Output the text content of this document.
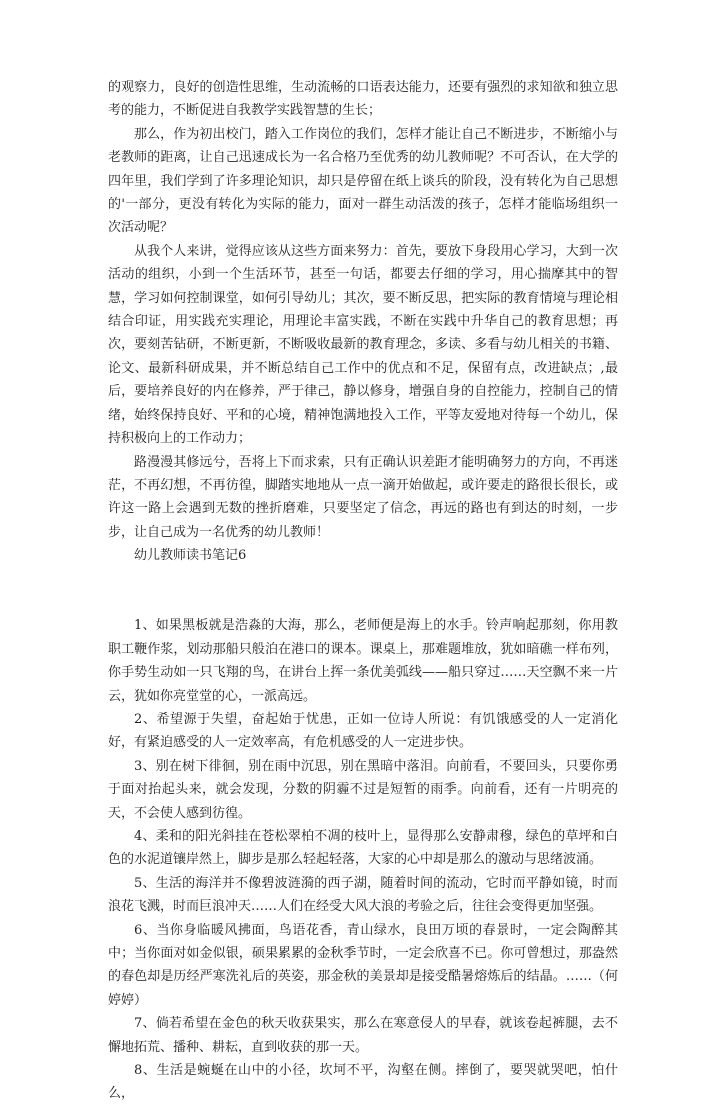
的观察力，良好的创造性思维，生动流畅的口语表达能力，还要有强烈的求知欲和独立思考的能力，不断促进自我教学实践智慧的生长；

那么，作为初出校门，踏入工作岗位的我们，怎样才能让自己不断进步，不断缩小与老教师的距离，让自己迅速成长为一名合格乃至优秀的幼儿教师呢？不可否认，在大学的四年里，我们学到了许多理论知识，却只是停留在纸上谈兵的阶段，没有转化为自己思想的'一部分，更没有转化为实际的能力，面对一群生动活泼的孩子，怎样才能临场组织一次活动呢？

从我个人来讲，觉得应该从这些方面来努力：首先，要放下身段用心学习，大到一次活动的组织，小到一个生活环节，甚至一句话，都要去仔细的学习，用心揣摩其中的智慧，学习如何控制课堂，如何引导幼儿；其次，要不断反思，把实际的教育情境与理论相结合印证，用实践充实理论，用理论丰富实践，不断在实践中升华自己的教育思想；再次，要刻苦钻研，不断更新，不断吸收最新的教育理念，多读、多看与幼儿相关的书籍、论文、最新科研成果，并不断总结自己工作中的优点和不足，保留有点，改进缺点；,最后，要培养良好的内在修养，严于律己，静以修身，增强自身的自控能力，控制自己的情绪，始终保持良好、平和的心境，精神饱满地投入工作，平等友爱地对待每一个幼儿，保持积极向上的工作动力；

路漫漫其修远兮，吾将上下而求索，只有正确认识差距才能明确努力的方向，不再迷茫，不再幻想，不再彷徨，脚踏实地地从一点一滴开始做起，或许要走的路很长很长，或许这一路上会遇到无数的挫折磨难，只要坚定了信念，再远的路也有到达的时刻，一步步，让自己成为一名优秀的幼儿教师！

幼儿教师读书笔记6

1、如果黑板就是浩淼的大海，那么，老师便是海上的水手。铃声响起那刻，你用教职工鞭作浆，划动那船只般泊在港口的课本。课桌上，那难题堆放，犹如暗礁一样布列，你手势生动如一只飞翔的鸟，在讲台上挥一条优美弧线——船只穿过……天空飘不来一片云，犹如你亮堂堂的心，一派高远。

2、希望源于失望，奋起始于忧患，正如一位诗人所说：有饥饿感受的人一定消化好，有紧迫感受的人一定效率高，有危机感受的人一定进步快。

3、别在树下徘徊，别在雨中沉思，别在黑暗中落泪。向前看，不要回头，只要你勇于面对抬起头来，就会发现，分数的阴霾不过是短暂的雨季。向前看，还有一片明亮的天，不会使人感到彷徨。

4、柔和的阳光斜挂在苍松翠柏不凋的枝叶上，显得那么安静肃穆，绿色的草坪和白色的水泥道镶岸然上，脚步是那么轻起轻落，大家的心中却是那么的激动与思绪波涌。

5、生活的海洋并不像碧波涟漪的西子湖，随着时间的流动，它时而平静如镜，时而浪花飞溅，时而巨浪冲天……人们在经受大风大浪的考验之后，往往会变得更加坚强。

6、当你身临暖风拂面，鸟语花香，青山绿水，良田万顷的春景时，一定会陶醉其中；当你面对如金似银，硕果累累的金秋季节时，一定会欣喜不已。你可曾想过，那盎然的春色却是历经严寒洗礼后的英姿，那金秋的美景却是接受酷暑熔炼后的结晶。……（何婷婷）

7、倘若希望在金色的秋天收获果实，那么在寒意侵人的早春，就该卷起裤腿，去不懈地拓荒、播种、耕耘，直到收获的那一天。

8、生活是蜿蜒在山中的小径，坎坷不平，沟壑在侧。摔倒了，要哭就哭吧，怕什么，
